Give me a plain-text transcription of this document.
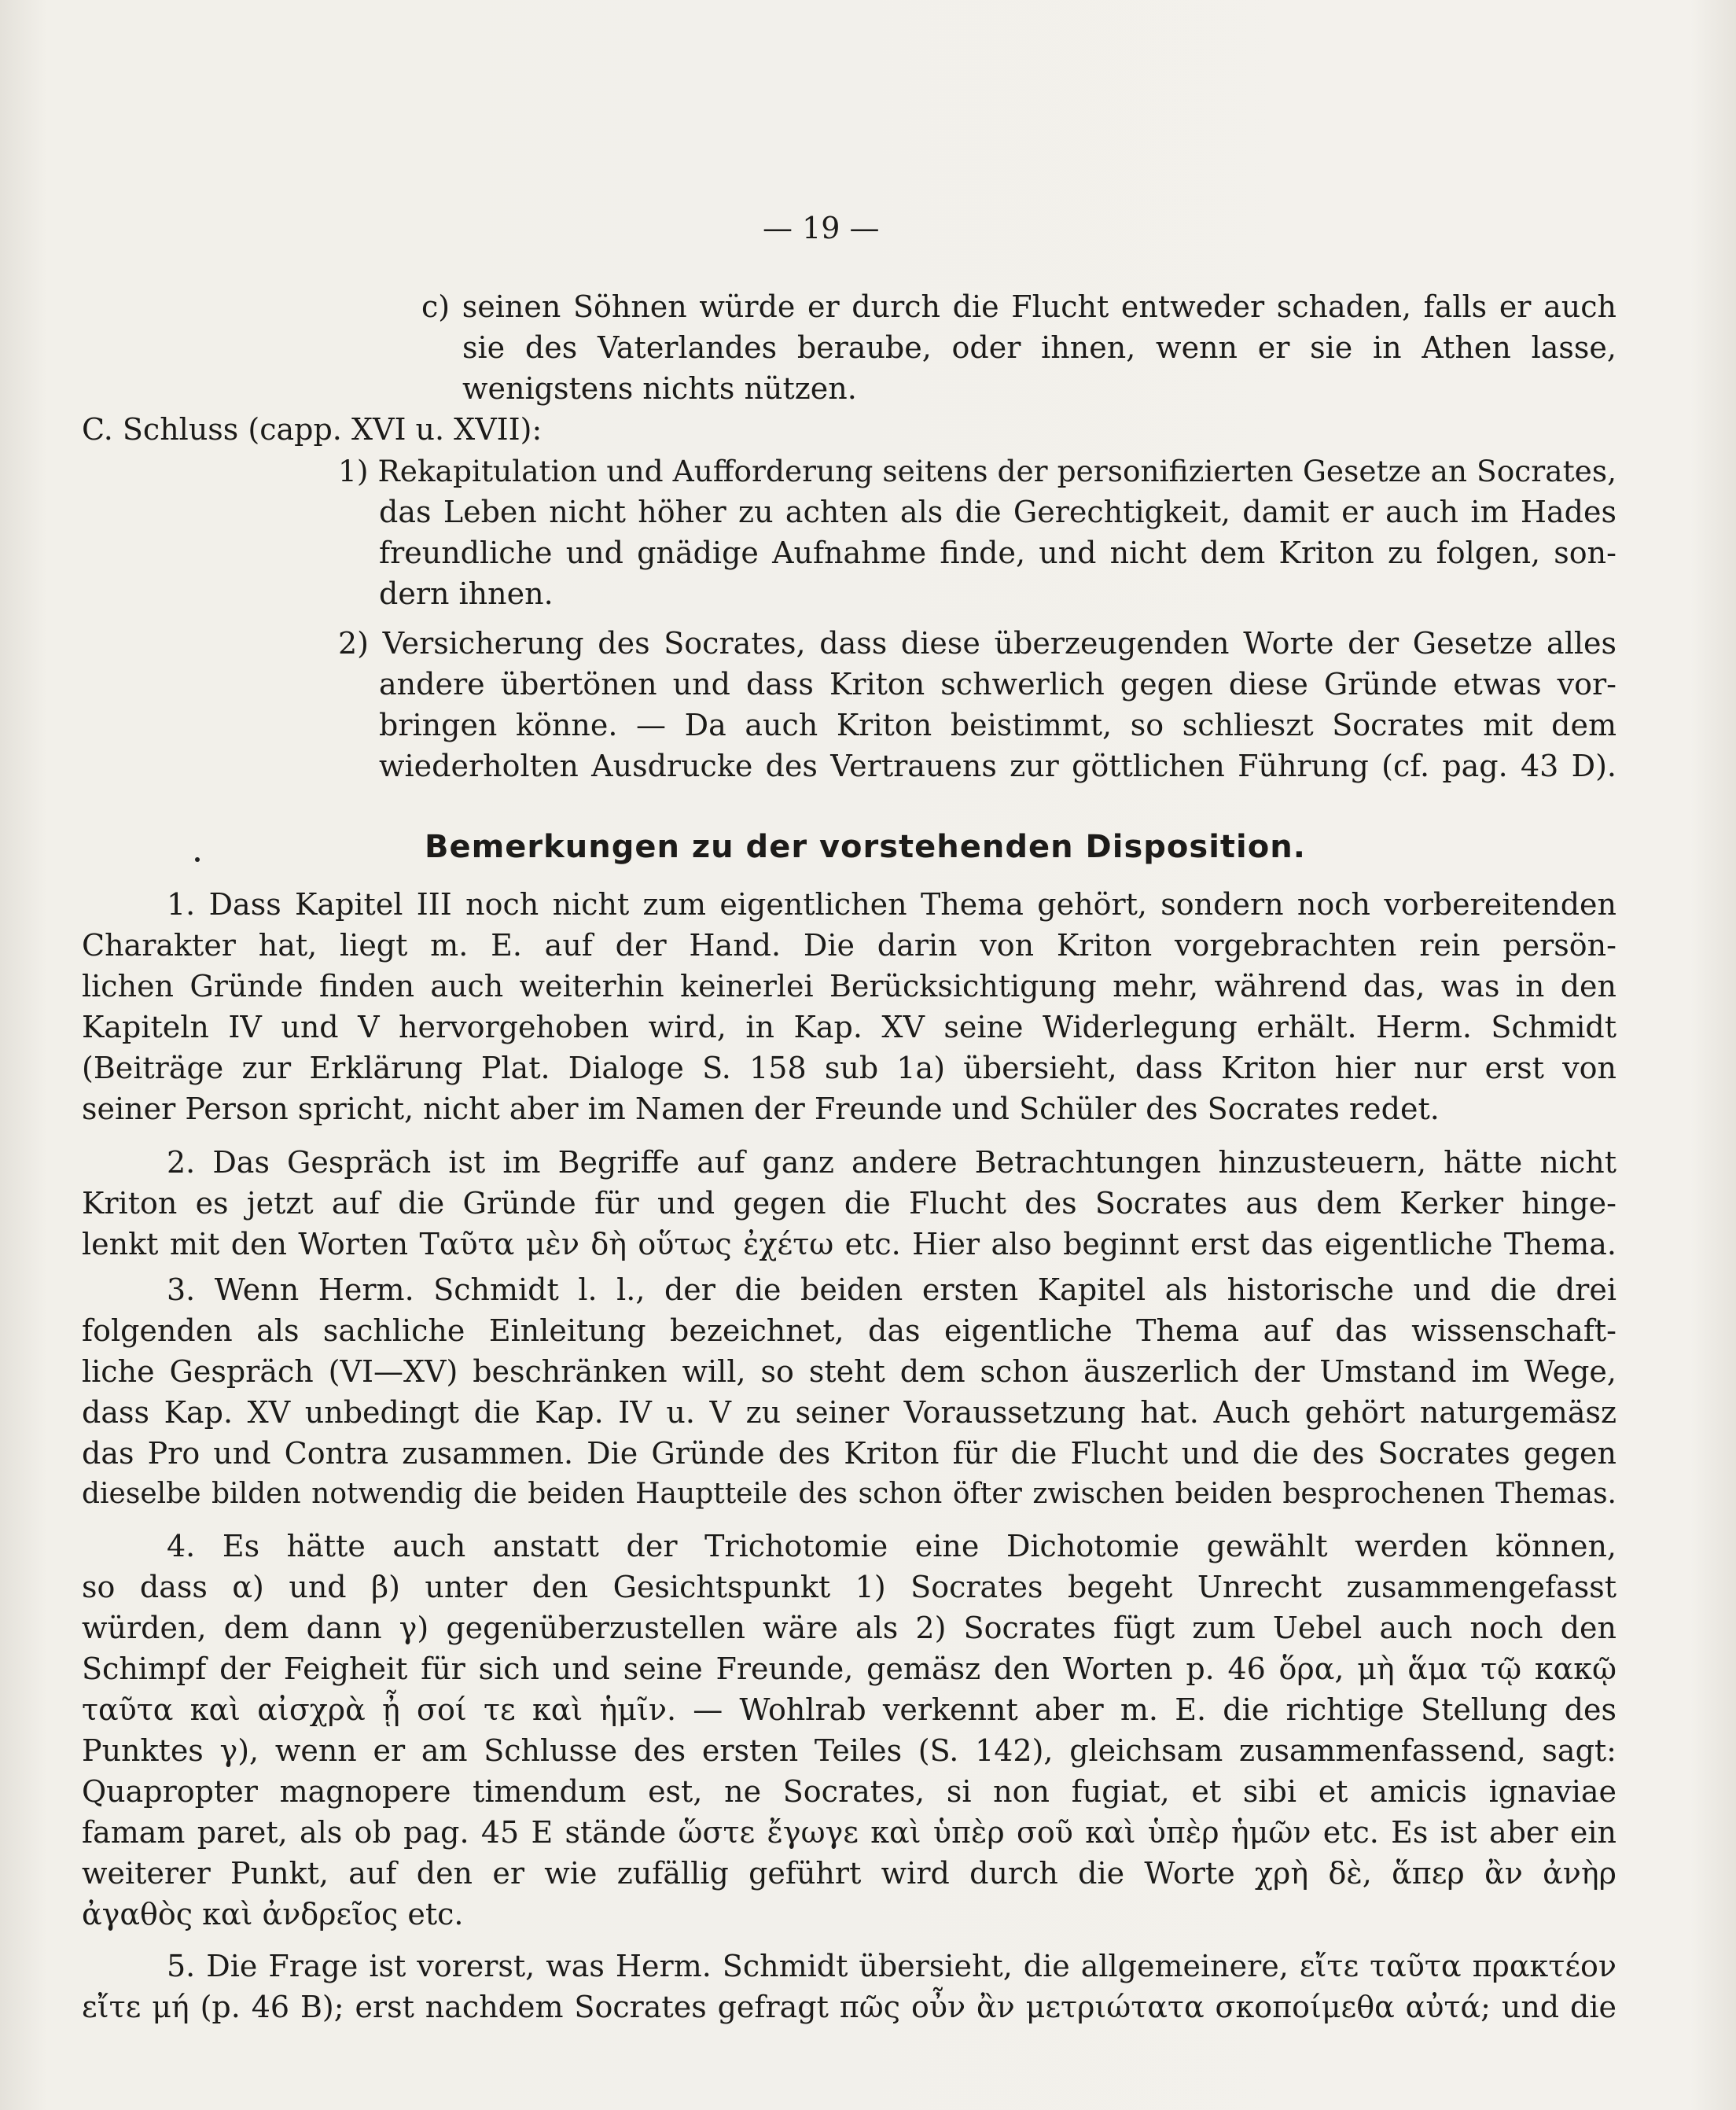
— 19 —
c) seinen Söhnen würde er durch die Flucht entweder schaden, falls er auch
sie des Vaterlandes beraube, oder ihnen, wenn er sie in Athen lasse,
wenigstens nichts nützen.
C. Schluss (capp. XVI u. XVII):
1) Rekapitulation und Aufforderung seitens der personifizierten Gesetze an Socrates,
das Leben nicht höher zu achten als die Gerechtigkeit, damit er auch im Hades
freundliche und gnädige Aufnahme finde, und nicht dem Kriton zu folgen, son-
dern ihnen.
2) Versicherung des Socrates, dass diese überzeugenden Worte der Gesetze alles
andere übertönen und dass Kriton schwerlich gegen diese Gründe etwas vor-
bringen könne. — Da auch Kriton beistimmt, so schlieszt Socrates mit dem
wiederholten Ausdrucke des Vertrauens zur göttlichen Führung (cf. pag. 43 D).
Bemerkungen zu der vorstehenden Disposition.
1. Dass Kapitel III noch nicht zum eigentlichen Thema gehört, sondern noch vorbereitenden
Charakter hat, liegt m. E. auf der Hand. Die darin von Kriton vorgebrachten rein persön-
lichen Gründe finden auch weiterhin keinerlei Berücksichtigung mehr, während das, was in den
Kapiteln IV und V hervorgehoben wird, in Kap. XV seine Widerlegung erhält. Herm. Schmidt
(Beiträge zur Erklärung Plat. Dialoge S. 158 sub 1a) übersieht, dass Kriton hier nur erst von
seiner Person spricht, nicht aber im Namen der Freunde und Schüler des Socrates redet.
2. Das Gespräch ist im Begriffe auf ganz andere Betrachtungen hinzusteuern, hätte nicht
Kriton es jetzt auf die Gründe für und gegen die Flucht des Socrates aus dem Kerker hinge-
lenkt mit den Worten Ταῦτα μὲν δὴ οὕτως ἐχέτω etc. Hier also beginnt erst das eigentliche Thema.
3. Wenn Herm. Schmidt l. l., der die beiden ersten Kapitel als historische und die drei
folgenden als sachliche Einleitung bezeichnet, das eigentliche Thema auf das wissenschaft-
liche Gespräch (VI—XV) beschränken will, so steht dem schon äuszerlich der Umstand im Wege,
dass Kap. XV unbedingt die Kap. IV u. V zu seiner Voraussetzung hat. Auch gehört naturgemäsz
das Pro und Contra zusammen. Die Gründe des Kriton für die Flucht und die des Socrates gegen
dieselbe bilden notwendig die beiden Hauptteile des schon öfter zwischen beiden besprochenen Themas.
4. Es hätte auch anstatt der Trichotomie eine Dichotomie gewählt werden können,
so dass α) und β) unter den Gesichtspunkt 1) Socrates begeht Unrecht zusammengefasst
würden, dem dann γ) gegenüberzustellen wäre als 2) Socrates fügt zum Uebel auch noch den
Schimpf der Feigheit für sich und seine Freunde, gemäsz den Worten p. 46 ὅρα, μὴ ἅμα τῷ κακῷ
ταῦτα καὶ αἰσχρὰ ᾖ σοί τε καὶ ἡμῖν. — Wohlrab verkennt aber m. E. die richtige Stellung des
Punktes γ), wenn er am Schlusse des ersten Teiles (S. 142), gleichsam zusammenfassend, sagt:
Quapropter magnopere timendum est, ne Socrates, si non fugiat, et sibi et amicis ignaviae
famam paret, als ob pag. 45 E stände ὥστε ἔγωγε καὶ ὑπὲρ σοῦ καὶ ὑπὲρ ἡμῶν etc. Es ist aber ein
weiterer Punkt, auf den er wie zufällig geführt wird durch die Worte χρὴ δὲ, ἅπερ ἂν ἀνὴρ
ἀγαθὸς καὶ ἀνδρεῖος etc.
5. Die Frage ist vorerst, was Herm. Schmidt übersieht, die allgemeinere, εἴτε ταῦτα πρακτέον
εἴτε μή (p. 46 B); erst nachdem Socrates gefragt πῶς οὖν ἂν μετριώτατα σκοποίμεθα αὐτά; und die
